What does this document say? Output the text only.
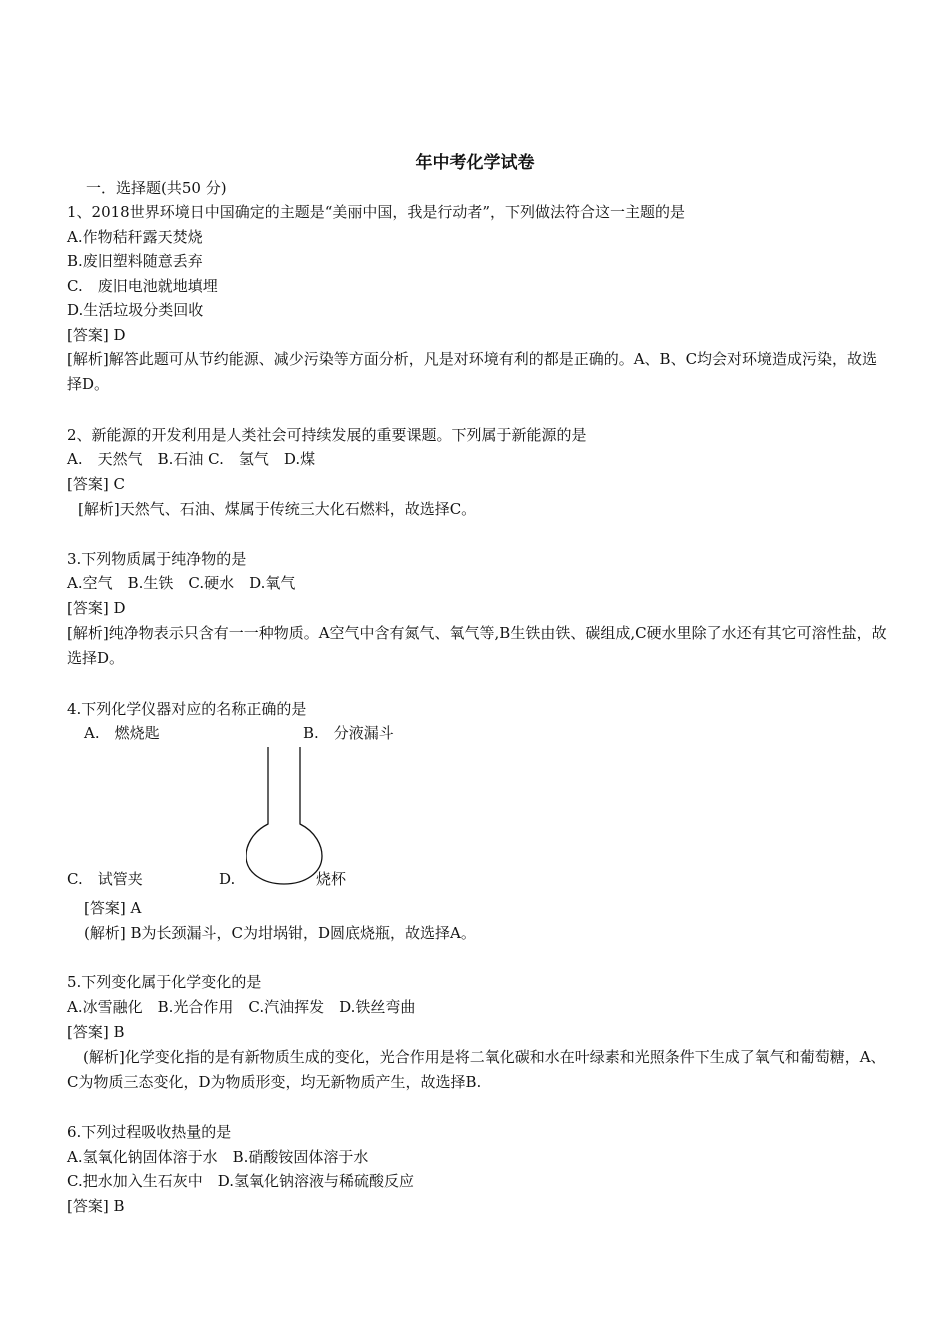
年中考化学试卷
一．选择题(共50 分)
1、2018世界环境日中国确定的主题是“美丽中国，我是行动者”，下列做法符合这一主题的是
A.作物秸秆露天焚烧
B.废旧塑料随意丢弃
C.　废旧电池就地填埋
D.生活垃圾分类回收
[答案] D
[解析]解答此题可从节约能源、减少污染等方面分析，凡是对环境有利的都是正确的。A、B、C均会对环境造成污染，故选择D。
2、新能源的开发利用是人类社会可持续发展的重要课题。下列属于新能源的是
A.　天然气　B.石油 C.　氢气　D.煤
[答案] C
[解析]天然气、石油、煤属于传统三大化石燃料，故选择C。
3.下列物质属于纯净物的是
A.空气　B.生铁　C.硬水　D.氧气
[答案] D
[解析]纯净物表示只含有一一种物质。A空气中含有氮气、氧气等,B生铁由铁、碳组成,C硬水里除了水还有其它可溶性盐，故选择D。
4.下列化学仪器对应的名称正确的是
A.　燃烧匙	B.　分液漏斗
C.　试管夹	D.	烧杯
[答案] A
(解析] B为长颈漏斗，C为坩埚钳，D圆底烧瓶，故选择A。
5.下列变化属于化学变化的是
A.冰雪融化　B.光合作用　C.汽油挥发　D.铁丝弯曲
[答案] B
(解析]化学变化指的是有新物质生成的变化，光合作用是将二氧化碳和水在叶绿素和光照条件下生成了氧气和葡萄糖，A、C为物质三态变化，D为物质形变，均无新物质产生，故选择B.
6.下列过程吸收热量的是
A.氢氧化钠固体溶于水　B.硝酸铵固体溶于水
C.把水加入生石灰中　D.氢氧化钠溶液与稀硫酸反应
[答案] B
